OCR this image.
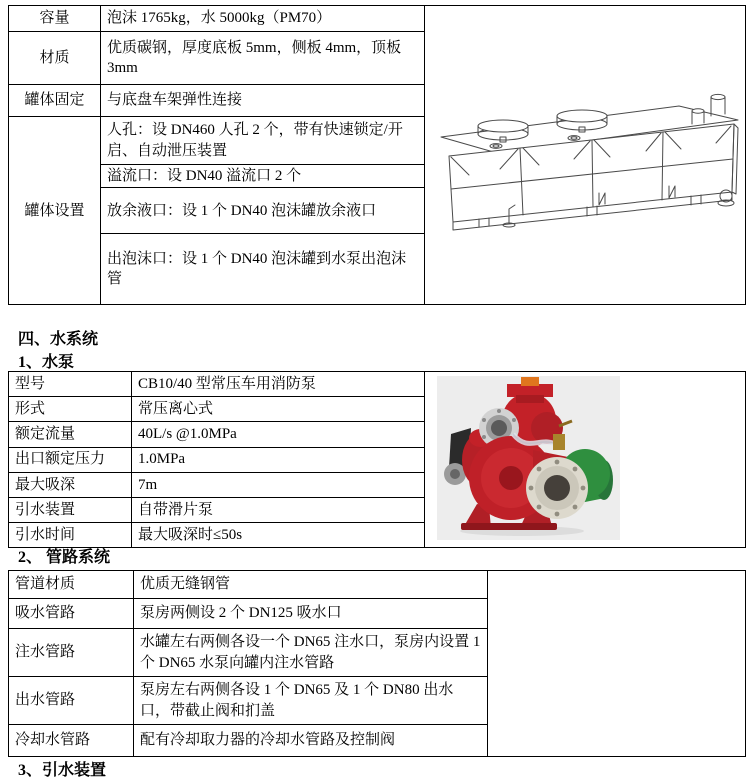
容量	泡沫 1765kg，水 5000kg（PM70）	

材质	优质碳钢，厚度底板 5mm，侧板 4mm，顶板 3mm	
罐体固定	与底盘车架弹性连接	
罐体设置	人孔：设 DN460 人孔 2 个，带有快速锁定/开启、自动泄压装置	
	溢流口：设 DN40 溢流口 2 个	
	放余液口：设 1 个 DN40 泡沫罐放余液口	
	出泡沫口：设 1 个 DN40 泡沫罐到水泵出泡沫管	
四、水系统
1、水泵
型号	CB10/40 型常压车用消防泵	

形式	常压离心式	
额定流量	40L/s @1.0MPa	
出口额定压力	1.0MPa	
最大吸深	7m	
引水装置	自带滑片泵	
引水时间	最大吸深时≤50s	
2、 管路系统
管道材质	优质无缝钢管	
吸水管路	泵房两侧设 2 个 DN125 吸水口	
注水管路	水罐左右两侧各设一个 DN65 注水口，泵房内设置 1 个 DN65 水泵向罐内注水管路	
出水管路	泵房左右两侧各设 1 个 DN65 及 1 个 DN80 出水口，带截止阀和扪盖	
冷却水管路	配有冷却取力器的冷却水管路及控制阀	
3、引水装置
